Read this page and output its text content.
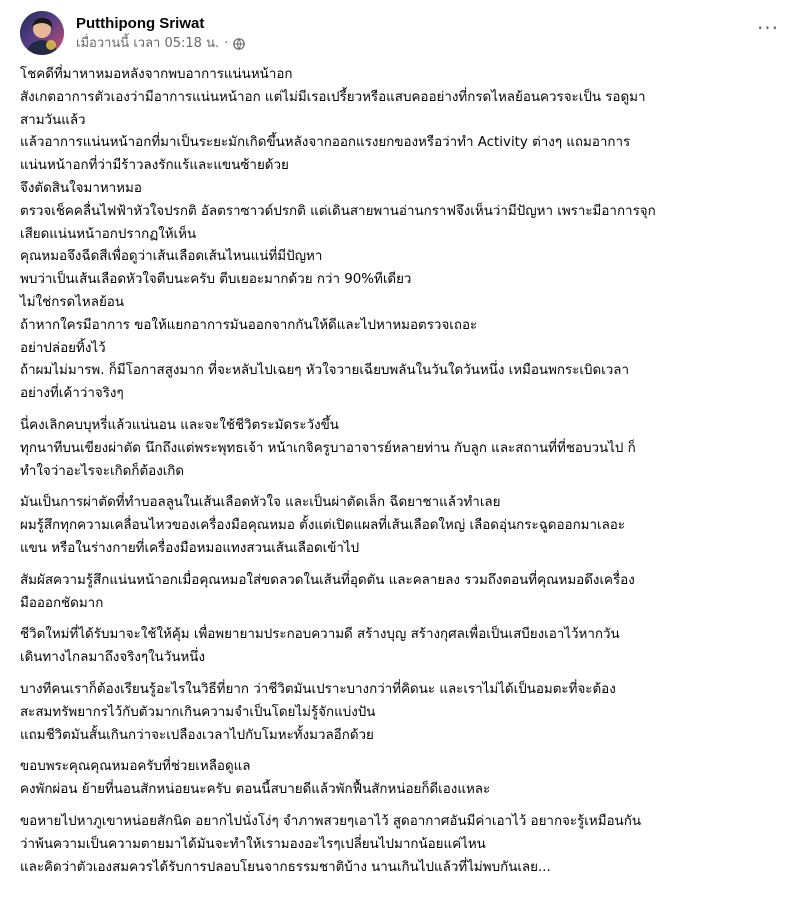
Putthipong Sriwat
เมื่อวานนี้ เวลา 05:18 น. ·
···
โชคดีที่มาหาหมอหลังจากพบอาการแน่นหน้าอก
สังเกตอาการตัวเองว่ามีอาการแน่นหน้าอก แต่ไม่มีเรอเปรี้ยวหรือแสบคออย่างที่กรดไหลย้อนควรจะเป็น รอดูมา
สามวันแล้ว
แล้วอาการแน่นหน้าอกที่มาเป็นระยะมักเกิดขึ้นหลังจากออกแรงยกของหรือว่าทำ Activity ต่างๆ แถมอาการ
แน่นหน้าอกที่ว่ามีร้าวลงรักแร้และแขนซ้ายด้วย
จึงตัดสินใจมาหาหมอ
ตรวจเช็คคลื่นไฟฟ้าหัวใจปรกติ อัลตราซาวด์ปรกติ แต่เดินสายพานอ่านกราฟจึงเห็นว่ามีปัญหา เพราะมีอาการจุก
เสียดแน่นหน้าอกปรากฏให้เห็น
คุณหมอจึงฉีดสีเพื่อดูว่าเส้นเลือดเส้นไหนแน่ที่มีปัญหา
พบว่าเป็นเส้นเลือดหัวใจตีบนะครับ ตีบเยอะมากด้วย กว่า 90%ทีเดียว
ไม่ใช่กรดไหลย้อน
ถ้าหากใครมีอาการ ขอให้แยกอาการมันออกจากกันให้ดีและไปหาหมอตรวจเถอะ
อย่าปล่อยทิ้งไว้
ถ้าผมไม่มารพ. ก็มีโอกาสสูงมาก ที่จะหลับไปเฉยๆ หัวใจวายเฉียบพลันในวันใดวันหนึ่ง เหมือนพกระเบิดเวลา
อย่างที่เค้าว่าจริงๆ
นี่คงเลิกคบบุหรี่แล้วแน่นอน และจะใช้ชีวิตระมัดระวังขึ้น
ทุกนาทีบนเขียงผ่าตัด นึกถึงแต่พระพุทธเจ้า หน้าเกจิครูบาอาจารย์หลายท่าน กับลูก และสถานที่ที่ชอบวนไป ก็
ทำใจว่าอะไรจะเกิดก็ต้องเกิด
มันเป็นการผ่าตัดที่ทำบอลลูนในเส้นเลือดหัวใจ และเป็นผ่าตัดเล็ก ฉีดยาชาแล้วทำเลย
ผมรู้สึกทุกความเคลื่อนไหวของเครื่องมือคุณหมอ ตั้งแต่เปิดแผลที่เส้นเลือดใหญ่ เลือดอุ่นกระฉูดออกมาเลอะ
แขน หรือในร่างกายที่เครื่องมือหมอแทงสวนเส้นเลือดเข้าไป
สัมผัสความรู้สึกแน่นหน้าอกเมื่อคุณหมอใส่ขดลวดในเส้นที่อุดตัน และคลายลง รวมถึงตอนที่คุณหมอดึงเครื่อง
มือออกชัดมาก
ชีวิตใหม่ที่ได้รับมาจะใช้ให้คุ้ม เพื่อพยายามประกอบความดี สร้างบุญ สร้างกุศลเพื่อเป็นเสบียงเอาไว้หากวัน
เดินทางไกลมาถึงจริงๆในวันหนึ่ง
บางทีคนเราก็ต้องเรียนรู้อะไรในวิธีที่ยาก ว่าชีวิตมันเปราะบางกว่าที่คิดนะ และเราไม่ได้เป็นอมตะที่จะต้อง
สะสมทรัพยากรไว้กับตัวมากเกินความจำเป็นโดยไม่รู้จักแบ่งปัน
แถมชีวิตมันสั้นเกินกว่าจะเปลืองเวลาไปกับโมหะทั้งมวลอีกด้วย
ขอบพระคุณคุณหมอครับที่ช่วยเหลือดูแล
คงพักผ่อน ย้ายที่นอนสักหน่อยนะครับ ตอนนี้สบายดีแล้วพักฟื้นสักหน่อยก็ดีเองแหละ
ขอหายไปหาภูเขาหน่อยสักนิด อยากไปนั่งโง่ๆ จำภาพสวยๆเอาไว้ สูดอากาศอันมีค่าเอาไว้ อยากจะรู้เหมือนกัน
ว่าพ้นความเป็นความตายมาได้มันจะทำให้เรามองอะไรๆเปลี่ยนไปมากน้อยแค่ไหน
และคิดว่าตัวเองสมควรได้รับการปลอบโยนจากธรรมชาติบ้าง นานเกินไปแล้วที่ไม่พบกันเลย...
